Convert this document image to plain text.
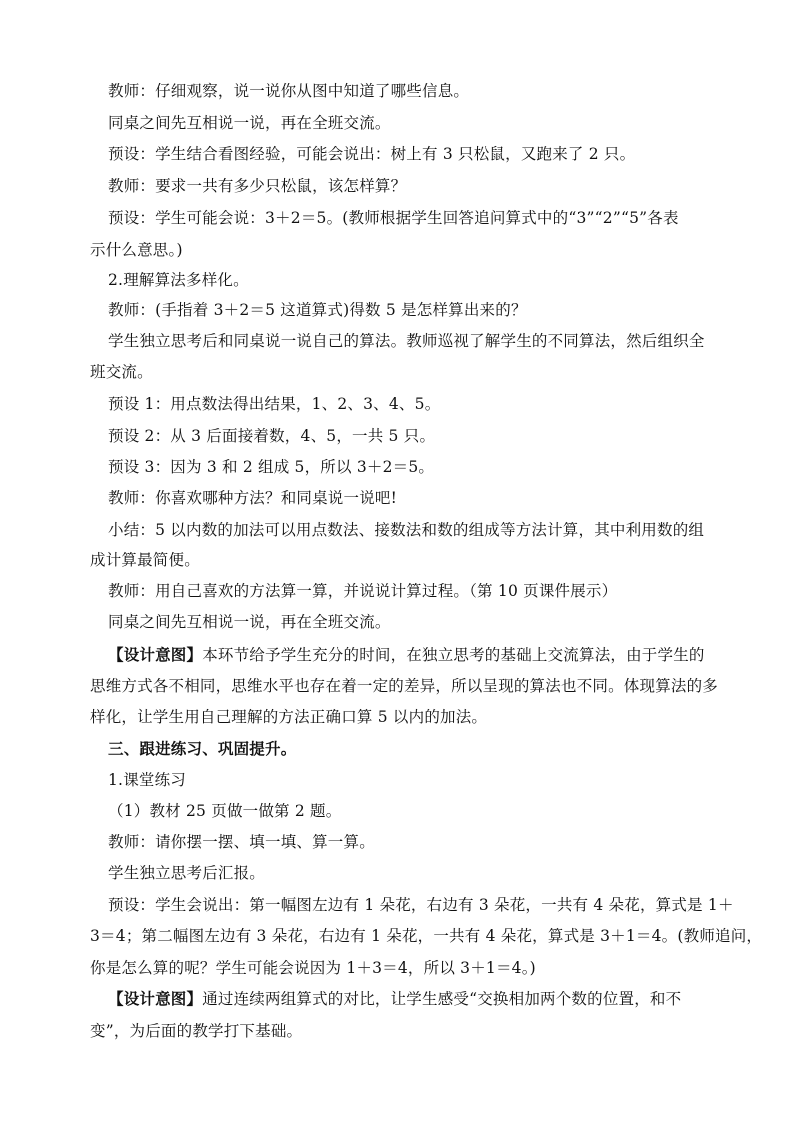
教师：仔细观察，说一说你从图中知道了哪些信息。
同桌之间先互相说一说，再在全班交流。
预设：学生结合看图经验，可能会说出：树上有 3 只松鼠，又跑来了 2 只。
教师：要求一共有多少只松鼠，该怎样算？
预设：学生可能会说：3＋2＝5。(教师根据学生回答追问算式中的“3”“2”“5”各表
示什么意思。)
2.理解算法多样化。
教师：(手指着 3＋2＝5 这道算式)得数 5 是怎样算出来的？
学生独立思考后和同桌说一说自己的算法。教师巡视了解学生的不同算法，然后组织全
班交流。
预设 1：用点数法得出结果，1、2、3、4、5。
预设 2：从 3 后面接着数，4、5，一共 5 只。
预设 3：因为 3 和 2 组成 5，所以 3＋2＝5。
教师：你喜欢哪种方法？和同桌说一说吧!
小结：5 以内数的加法可以用点数法、接数法和数的组成等方法计算，其中利用数的组
成计算最简便。
教师：用自己喜欢的方法算一算，并说说计算过程。（第 10 页课件展示）
同桌之间先互相说一说，再在全班交流。
【设计意图】本环节给予学生充分的时间，在独立思考的基础上交流算法，由于学生的
思维方式各不相同，思维水平也存在着一定的差异，所以呈现的算法也不同。体现算法的多
样化，让学生用自己理解的方法正确口算 5 以内的加法。
三、跟进练习、巩固提升。
1.课堂练习
（1）教材 25 页做一做第 2 题。
教师：请你摆一摆、填一填、算一算。
学生独立思考后汇报。
预设：学生会说出：第一幅图左边有 1 朵花，右边有 3 朵花，一共有 4 朵花，算式是 1＋
3＝4；第二幅图左边有 3 朵花，右边有 1 朵花，一共有 4 朵花，算式是 3＋1＝4。(教师追问，
你是怎么算的呢？学生可能会说因为 1＋3＝4，所以 3＋1＝4。)
【设计意图】通过连续两组算式的对比，让学生感受“交换相加两个数的位置，和不
变”，为后面的教学打下基础。
